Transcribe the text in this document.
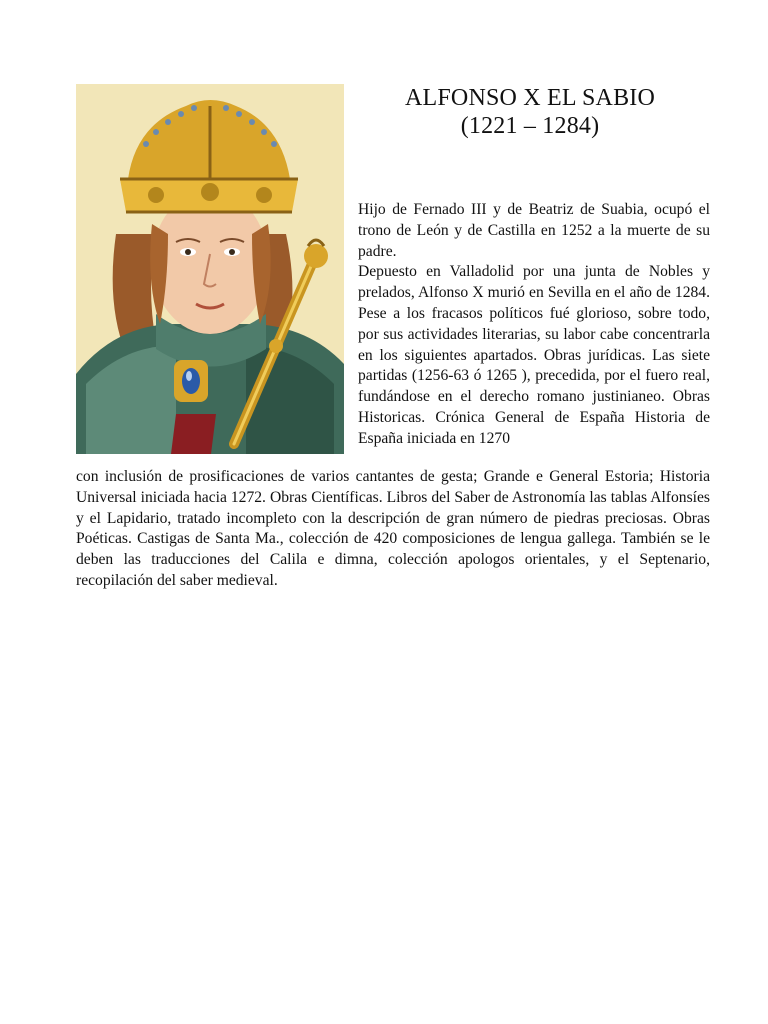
ALFONSO X EL SABIO
(1221 – 1284)

Hijo de Fernado III y de Beatriz de Suabia, ocupó el trono de León y de Castilla en 1252 a la muerte de su padre.

Depuesto en Valladolid por una junta de Nobles y prelados, Alfonso X murió en Sevilla en el año de 1284. Pese a los fracasos políticos fué glorioso, sobre todo, por sus actividades literarias, su labor cabe concentrarla en los siguientes apartados. Obras jurídicas. Las siete partidas (1256-63 ó 1265 ), precedida, por el fuero real, fundándose en el derecho romano justinianeo. Obras Historicas. Crónica General de España Historia de España iniciada en 1270

con inclusión de prosificaciones de varios cantantes de gesta; Grande e General Estoria; Historia Universal iniciada hacia 1272. Obras Científicas. Libros del Saber de Astronomía las tablas Alfonsíes y el Lapidario, tratado incompleto con la descripción de gran número de piedras preciosas. Obras Poéticas. Castigas de Santa Ma., colección de 420 composiciones de lengua gallega. También se le deben las traducciones del Calila e dimna, colección apologos orientales, y el Septenario, recopilación del saber medieval.
